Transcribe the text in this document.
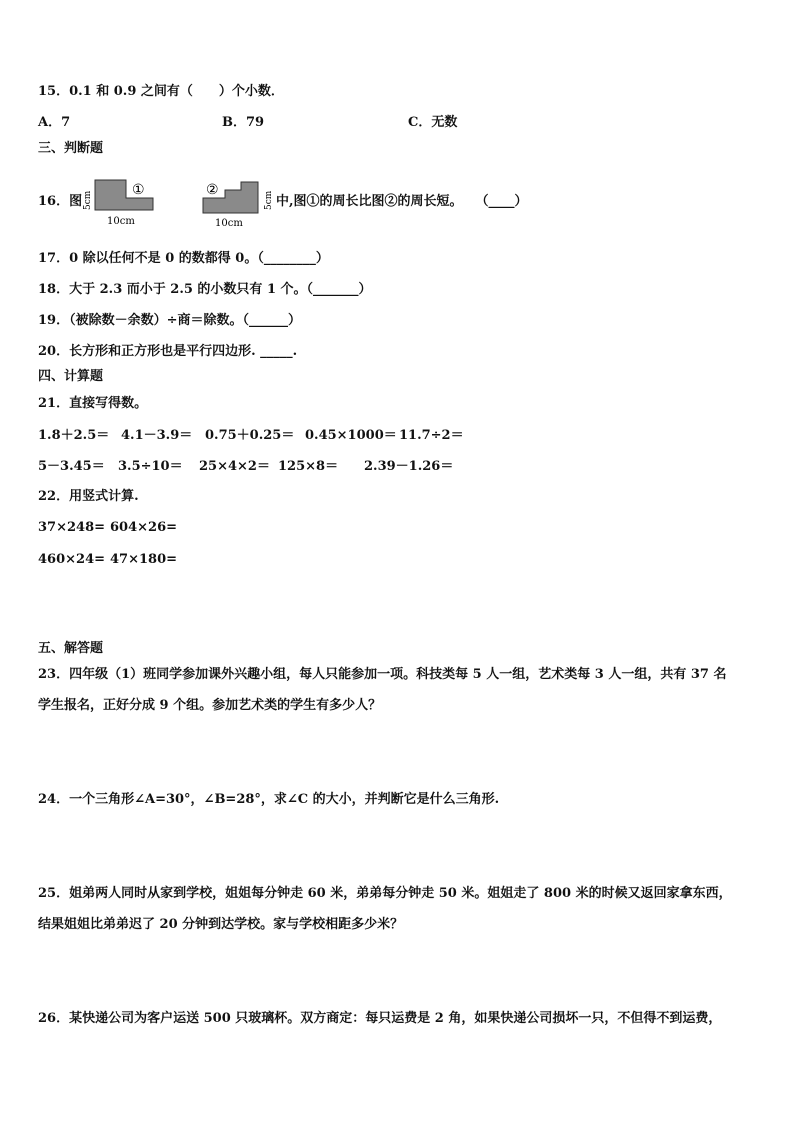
15．0.1 和 0.9 之间有（　　）个小数．
A．7	B．79	C．无数
三、判断题
16．图 5cm
①
10cm
②
5cm
10cm
中,图①的周长比图②的周长短。　　（____）
17．0 除以任何不是 0 的数都得 0。（________）
18．大于 2.3 而小于 2.5 的小数只有 1 个。（_______）
19．（被除数－余数）÷商＝除数。（______）
20．长方形和正方形也是平行四边形. _____.
四、计算题
21．直接写得数。
1.8＋2.5＝ 4.1－3.9＝ 0.75＋0.25＝ 0.45×1000＝ 11.7÷2＝
5－3.45＝ 3.5÷10＝ 25×4×2＝ 125×8＝ 2.39－1.26＝
22．用竖式计算.
37×248= 604×26=
460×24= 47×180=
五、解答题
23．四年级（1）班同学参加课外兴趣小组，每人只能参加一项。科技类每 5 人一组，艺术类每 3 人一组，共有 37 名
学生报名，正好分成 9 个组。参加艺术类的学生有多少人？
24．一个三角形∠A=30°，∠B=28°，求∠C 的大小，并判断它是什么三角形.
25．姐弟两人同时从家到学校，姐姐每分钟走 60 米，弟弟每分钟走 50 米。姐姐走了 800 米的时候又返回家拿东西，
结果姐姐比弟弟迟了 20 分钟到达学校。家与学校相距多少米？
26．某快递公司为客户运送 500 只玻璃杯。双方商定：每只运费是 2 角，如果快递公司损坏一只，不但得不到运费，
